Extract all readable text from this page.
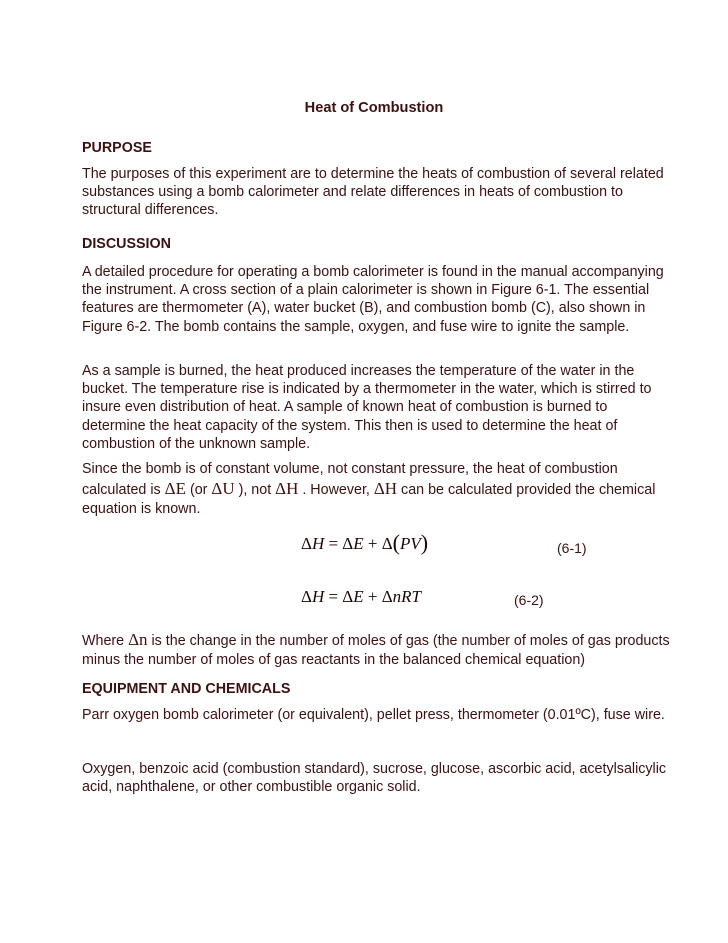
Heat of Combustion
PURPOSE

The purposes of this experiment are to determine the heats of combustion of several related substances using a bomb calorimeter and relate differences in heats of combustion to structural differences.

DISCUSSION

A detailed procedure for operating a bomb calorimeter is found in the manual accompanying the instrument. A cross section of a plain calorimeter is shown in Figure 6-1. The essential features are thermometer (A), water bucket (B), and combustion bomb (C), also shown in Figure 6-2. The bomb contains the sample, oxygen, and fuse wire to ignite the sample.

As a sample is burned, the heat produced increases the temperature of the water in the bucket. The temperature rise is indicated by a thermometer in the water, which is stirred to insure even distribution of heat. A sample of known heat of combustion is burned to determine the heat capacity of the system. This then is used to determine the heat of combustion of the unknown sample.

Since the bomb is of constant volume, not constant pressure, the heat of combustion calculated is ΔE (or ΔU ), not ΔH . However, ΔH can be calculated provided the chemical equation is known.

ΔH = ΔE + Δ(PV)	(6-1)
ΔH = ΔE + ΔnRT	(6-2)

Where Δn is the change in the number of moles of gas (the number of moles of gas products minus the number of moles of gas reactants in the balanced chemical equation)

EQUIPMENT AND CHEMICALS

Parr oxygen bomb calorimeter (or equivalent), pellet press, thermometer (0.01ºC), fuse wire.

Oxygen, benzoic acid (combustion standard), sucrose, glucose, ascorbic acid, acetylsalicylic acid, naphthalene, or other combustible organic solid.
